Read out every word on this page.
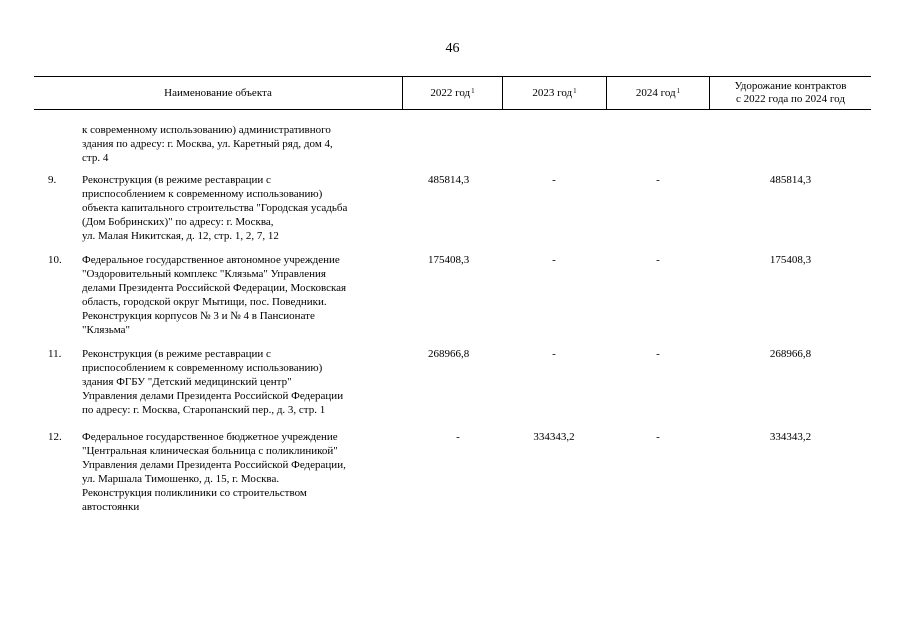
46
Наименование объекта	2022 год 1	2023 год 1	2024 год 1	Удорожание контрактов
с 2022 года по 2024 год
к современному использованию) административного
здания по адресу: г. Москва, ул. Каретный ряд, дом 4,
стр. 4
9.	Реконструкция (в режиме реставрации с
приспособлением к современному использованию)
объекта капитального строительства "Городская усадьба
(Дом Бобринских)" по адресу: г. Москва,
ул. Малая Никитская, д. 12, стр. 1, 2, 7, 12
485814,3	-	-	485814,3
10.	Федеральное государственное автономное учреждение
"Оздоровительный комплекс "Клязьма" Управления
делами Президента Российской Федерации, Московская
область, городской округ Мытищи, пос. Поведники.
Реконструкция корпусов № 3 и № 4 в Пансионате
"Клязьма"
175408,3	-	-	175408,3
11.	Реконструкция (в режиме реставрации с
приспособлением к современному использованию)
здания ФГБУ "Детский медицинский центр"
Управления делами Президента Российской Федерации
по адресу: г. Москва, Старопанский пер., д. 3, стр. 1
268966,8	-	-	268966,8
12.	Федеральное государственное бюджетное учреждение
"Центральная клиническая больница с поликлиникой"
Управления делами Президента Российской Федерации,
ул. Маршала Тимошенко, д. 15, г. Москва.
Реконструкция поликлиники со строительством
автостоянки
-	334343,2	-	334343,2
